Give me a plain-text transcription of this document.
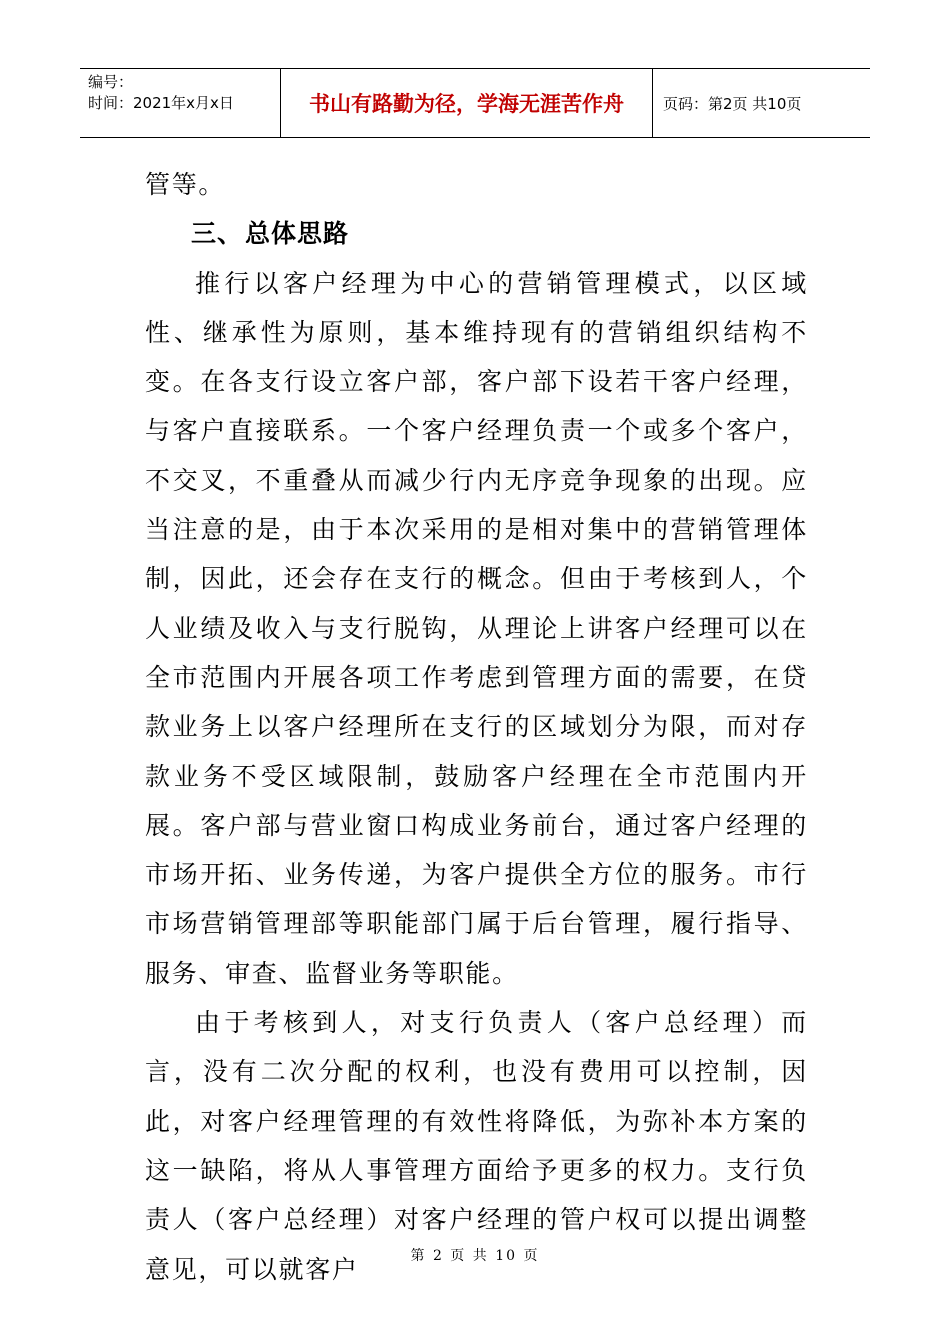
编号：
时间：2021年x月x日	书山有路勤为径，学海无涯苦作舟	页码：第2页 共10页

管等。

三、总体思路

推行以客户经理为中心的营销管理模式，以区域性、继承性为原则，基本维持现有的营销组织结构不变。在各支行设立客户部，客户部下设若干客户经理，与客户直接联系。一个客户经理负责一个或多个客户，不交叉，不重叠从而减少行内无序竞争现象的出现。应当注意的是，由于本次采用的是相对集中的营销管理体制，因此，还会存在支行的概念。但由于考核到人，个人业绩及收入与支行脱钩，从理论上讲客户经理可以在全市范围内开展各项工作考虑到管理方面的需要，在贷款业务上以客户经理所在支行的区域划分为限，而对存款业务不受区域限制，鼓励客户经理在全市范围内开展。客户部与营业窗口构成业务前台，通过客户经理的市场开拓、业务传递，为客户提供全方位的服务。市行市场营销管理部等职能部门属于后台管理，履行指导、服务、审查、监督业务等职能。

由于考核到人，对支行负责人（客户总经理）而言，没有二次分配的权利，也没有费用可以控制，因此，对客户经理管理的有效性将降低，为弥补本方案的这一缺陷，将从人事管理方面给予更多的权力。支行负责人（客户总经理）对客户经理的管户权可以提出调整意见，可以就客户	第 2 页 共 10 页
